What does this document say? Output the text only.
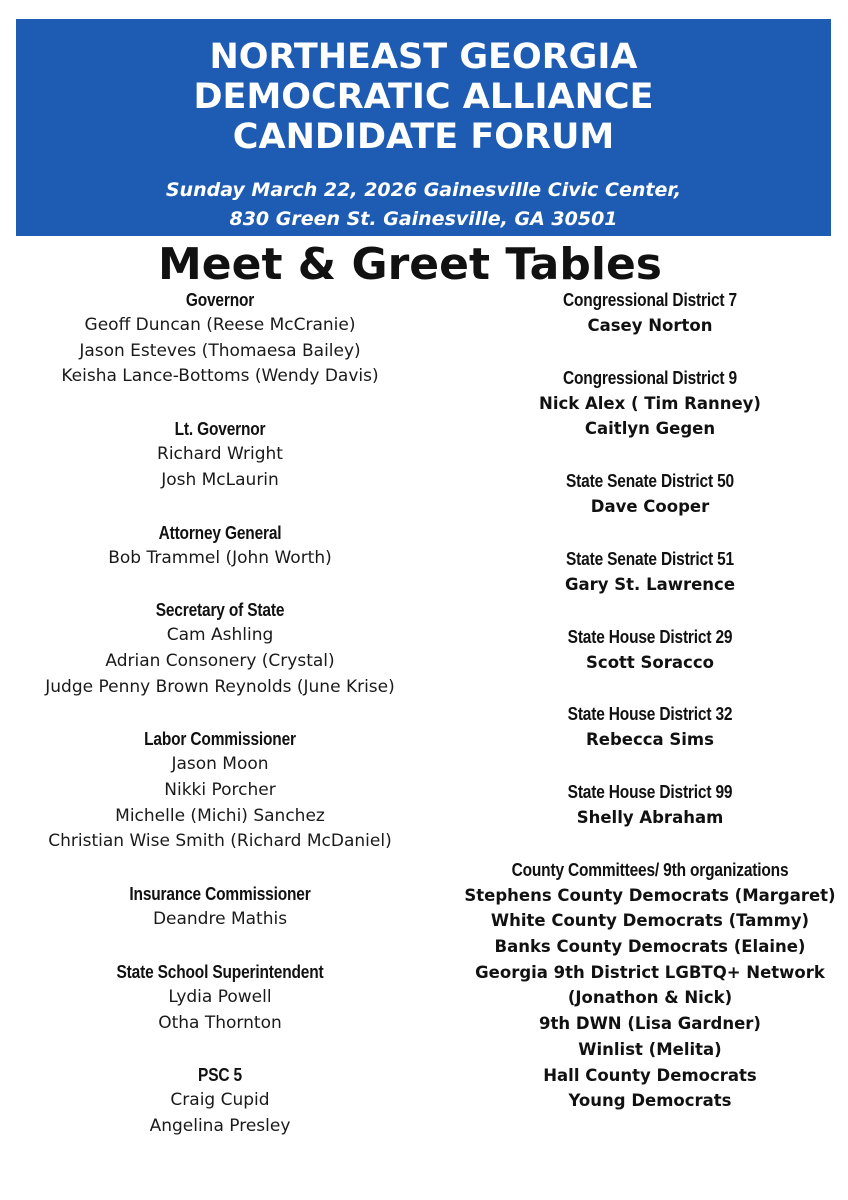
NORTHEAST GEORGIA
DEMOCRATIC ALLIANCE
CANDIDATE FORUM
Sunday March 22, 2026 Gainesville Civic Center,
830 Green St. Gainesville, GA 30501
Meet & Greet Tables
Governor
Geoff Duncan (Reese McCranie)
Jason Esteves (Thomaesa Bailey)
Keisha Lance-Bottoms (Wendy Davis)
Lt. Governor
Richard Wright
Josh McLaurin
Attorney General
Bob Trammel (John Worth)
Secretary of State
Cam Ashling
Adrian Consonery (Crystal)
Judge Penny Brown Reynolds (June Krise)
Labor Commissioner
Jason Moon
Nikki Porcher
Michelle (Michi) Sanchez
Christian Wise Smith (Richard McDaniel)
Insurance Commissioner
Deandre Mathis
State School Superintendent
Lydia Powell
Otha Thornton
PSC 5
Craig Cupid
Angelina Presley
Congressional District 7
Casey Norton
Congressional District 9
Nick Alex ( Tim Ranney)
Caitlyn Gegen
State Senate District 50
Dave Cooper
State Senate District 51
Gary St. Lawrence
State House District 29
Scott Soracco
State House District 32
Rebecca Sims
State House District 99
Shelly Abraham
County Committees/ 9th organizations
Stephens County Democrats (Margaret)
White County Democrats (Tammy)
Banks County Democrats (Elaine)
Georgia 9th District LGBTQ+ Network
(Jonathon & Nick)
9th DWN (Lisa Gardner)
Winlist (Melita)
Hall County Democrats
Young Democrats
